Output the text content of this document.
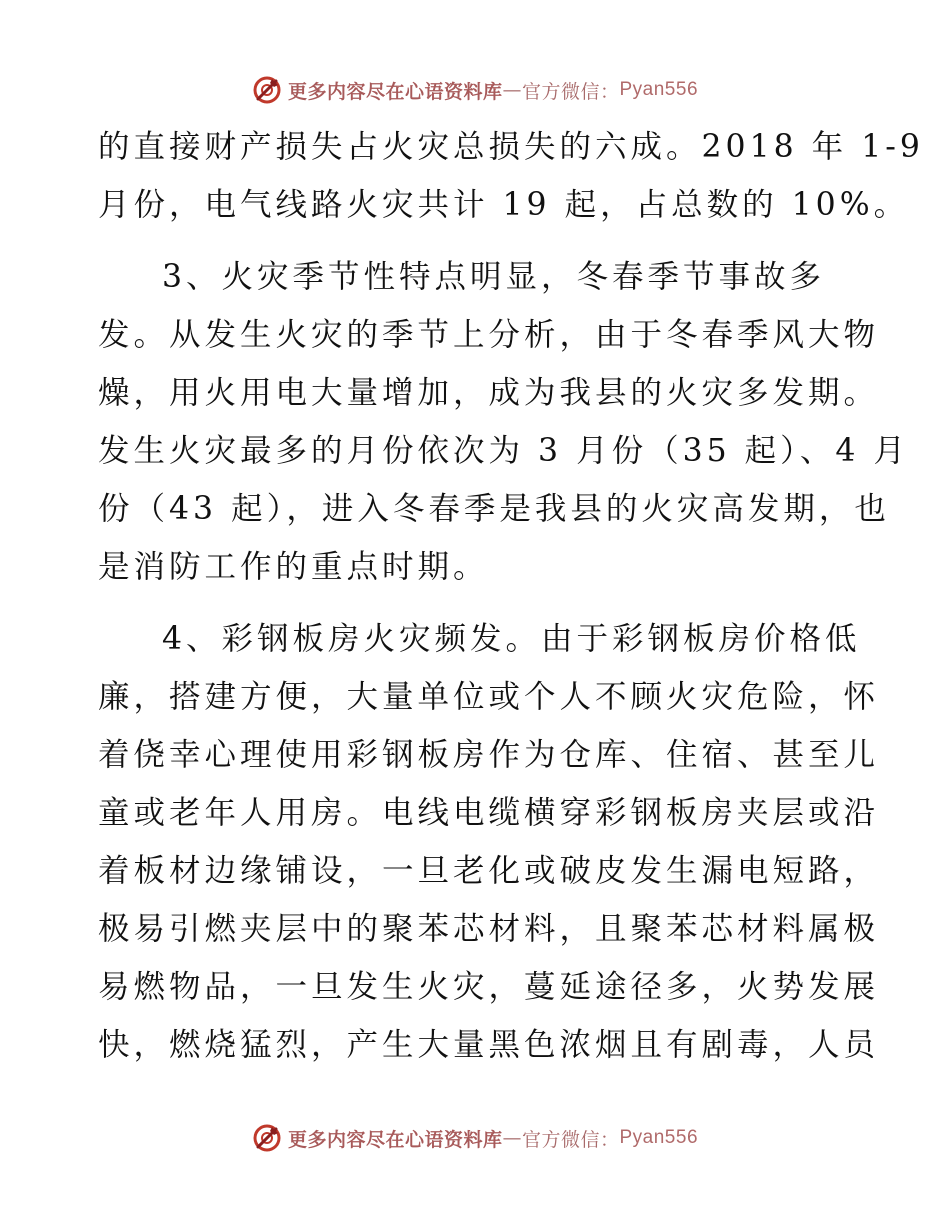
更多内容尽在心语资料库 — 官方微信： Pyan556
的直接财产损失占火灾总损失的六成。2018 年 1-9
月份，电气线路火灾共计 19 起，占总数的 10%。
3、火灾季节性特点明显，冬春季节事故多
发。从发生火灾的季节上分析，由于冬春季风大物
燥，用火用电大量增加，成为我县的火灾多发期。
发生火灾最多的月份依次为 3 月份（35 起）、4 月
份（43 起），进入冬春季是我县的火灾高发期，也
是消防工作的重点时期。
4、彩钢板房火灾频发。由于彩钢板房价格低
廉，搭建方便，大量单位或个人不顾火灾危险，怀
着侥幸心理使用彩钢板房作为仓库、住宿、甚至儿
童或老年人用房。电线电缆横穿彩钢板房夹层或沿
着板材边缘铺设，一旦老化或破皮发生漏电短路，
极易引燃夹层中的聚苯芯材料，且聚苯芯材料属极
易燃物品，一旦发生火灾，蔓延途径多，火势发展
快，燃烧猛烈，产生大量黑色浓烟且有剧毒，人员
更多内容尽在心语资料库 — 官方微信： Pyan556
